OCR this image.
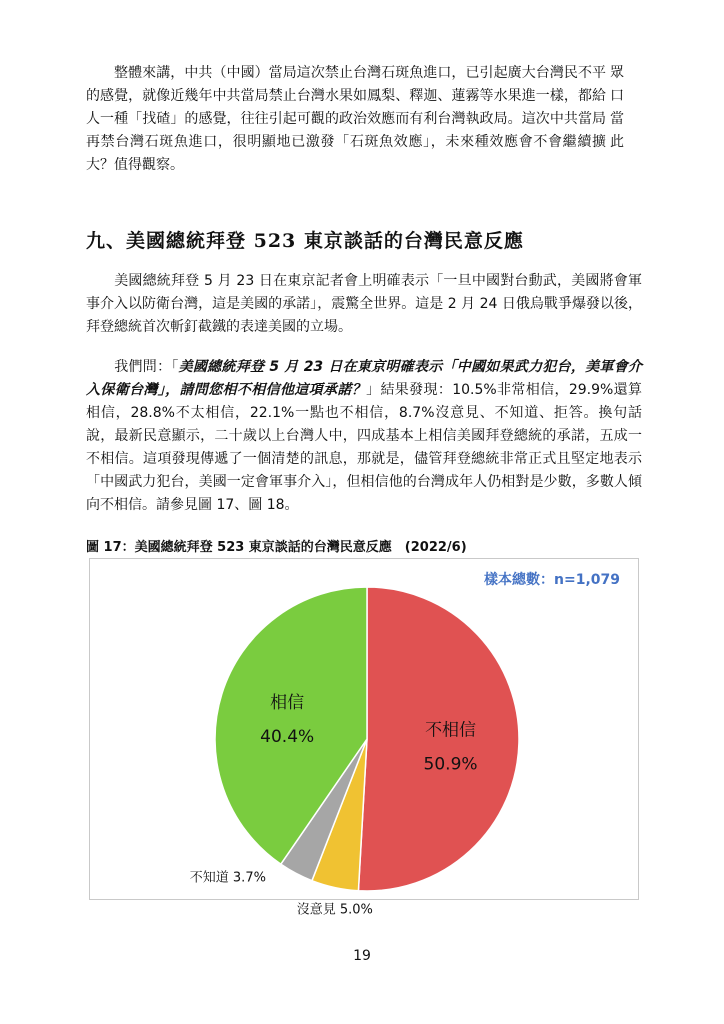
整體來講，中共（中國）當局這次禁止台灣石斑魚進口，已引起廣大台灣民不平的感覺，就像近幾年中共當局禁止台灣水果如鳳梨、釋迦、蓮霧等水果進一樣，都給人一種「找碴」的感覺，往往引起可觀的政治效應而有利台灣執政局。這次中共當局再禁台灣石斑魚進口，很明顯地已激發「石斑魚效應」，未來種效應會不會繼續擴大？值得觀察。

眾
口
當
此
九、美國總統拜登 523 東京談話的台灣民意反應

美國總統拜登 5 月 23 日在東京記者會上明確表示「一旦中國對台動武，美國將會軍事介入以防衛台灣，這是美國的承諾」，震驚全世界。這是 2 月 24 日俄烏戰爭爆發以後，拜登總統首次斬釘截鐵的表達美國的立場。

我們問：「美國總統拜登 5 月 23 日在東京明確表示「中國如果武力犯台，美軍會介入保衛台灣」，請問您相不相信他這項承諾？」結果發現：10.5%非常相信，29.9%還算相信，28.8%不太相信，22.1%一點也不相信，8.7%沒意見、不知道、拒答。換句話說，最新民意顯示，二十歲以上台灣人中，四成基本上相信美國拜登總統的承諾，五成一不相信。這項發現傳遞了一個清楚的訊息，那就是，儘管拜登總統非常正式且堅定地表示「中國武力犯台，美國一定會軍事介入」，但相信他的台灣成年人仍相對是少數，多數人傾向不相信。請參見圖 17、圖 18。

圖 17：美國總統拜登 523 東京談話的台灣民意反應　(2022/6)

樣本總數：n=1,079
不相信
50.9%
沒意見 5.0%
不知道 3.7%
相信
40.4%
19
